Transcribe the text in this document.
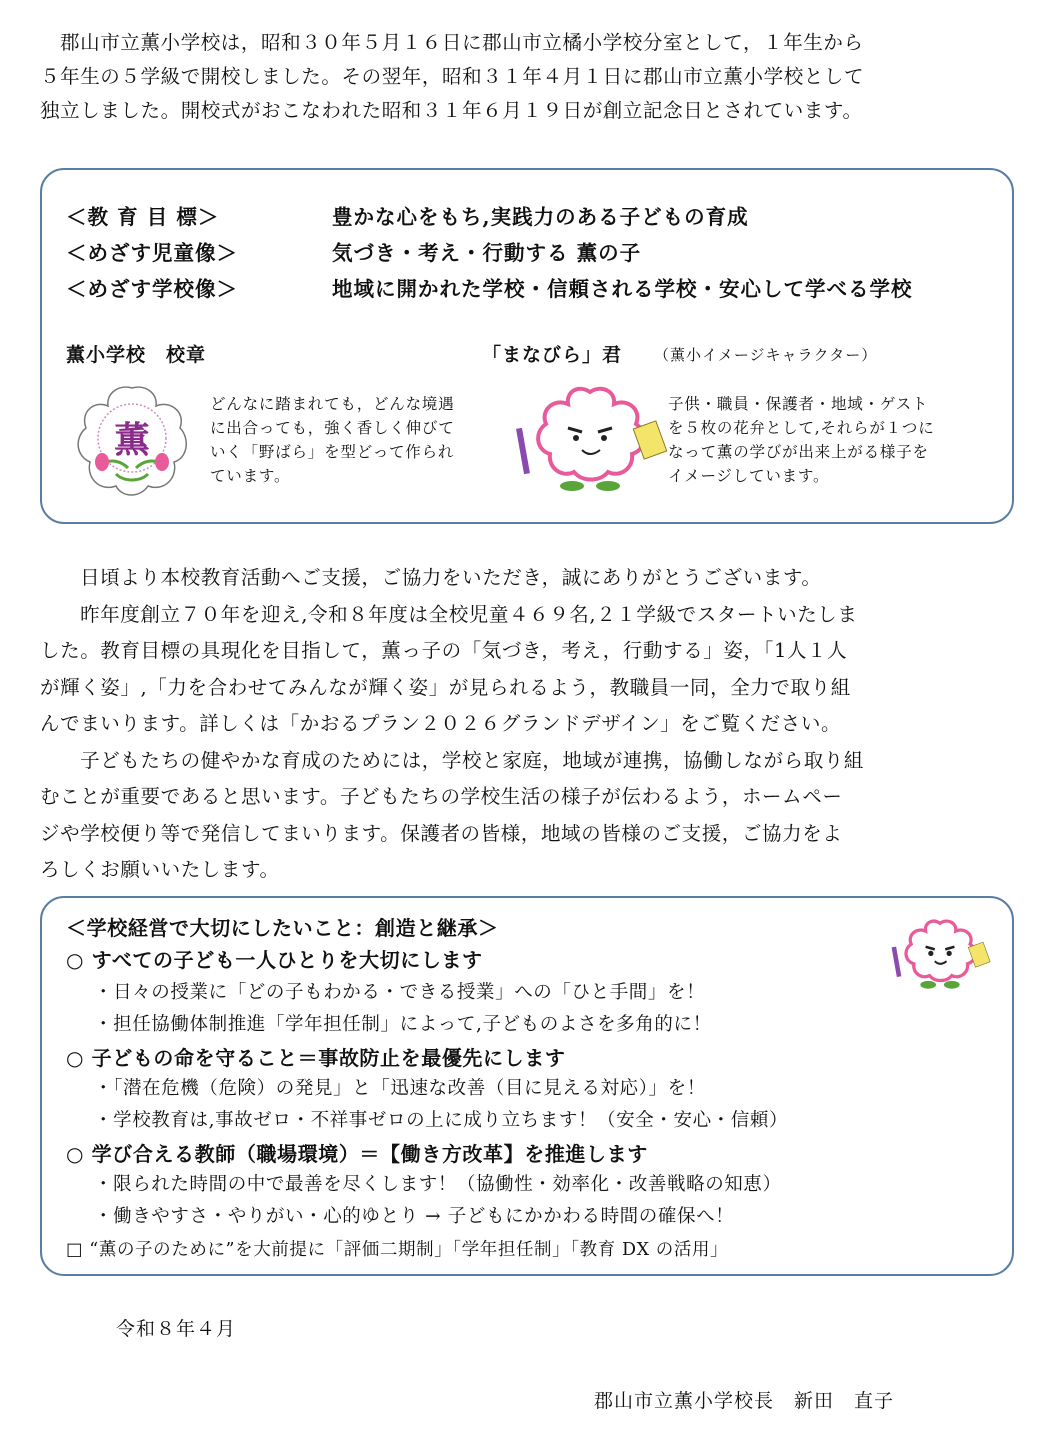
郡山市立薫小学校は，昭和３０年５月１６日に郡山市立橘小学校分室として，１年生から
５年生の５学級で開校しました。その翌年，昭和３１年４月１日に郡山市立薫小学校として
独立しました。開校式がおこなわれた昭和３１年６月１９日が創立記念日とされています。
＜教 育 目 標＞	豊かな心をもち,実践力のある子どもの育成
＜めざす児童像＞	気づき・考え・行動する 薫の子
＜めざす学校像＞	地域に開かれた学校・信頼される学校・安心して学べる学校
薫小学校　校章	「まなびら」君 （薫小イメージキャラクター）
薫
どんなに踏まれても，どんな境遇
に出合っても，強く香しく伸びて
いく「野ばら」を型どって作られ
ています。
子供・職員・保護者・地域・ゲスト
を５枚の花弁として,それらが１つに
なって薫の学びが出来上がる様子を
イメージしています。
　日頃より本校教育活動へご支援，ご協力をいただき，誠にありがとうございます。
　昨年度創立７０年を迎え,令和８年度は全校児童４６９名,２１学級でスタートいたしま
した。教育目標の具現化を目指して，薫っ子の「気づき，考え，行動する」姿，「1人１人
が輝く姿」,「力を合わせてみんなが輝く姿」が見られるよう，教職員一同，全力で取り組
んでまいります。詳しくは「かおるプラン２０２６グランドデザイン」をご覧ください。
　子どもたちの健やかな育成のためには，学校と家庭，地域が連携，協働しながら取り組
むことが重要であると思います。子どもたちの学校生活の様子が伝わるよう，ホームペー
ジや学校便り等で発信してまいります。保護者の皆様，地域の皆様のご支援，ご協力をよ
ろしくお願いいたします。
＜学校経営で大切にしたいこと：創造と継承＞
○ すべての子ども一人ひとりを大切にします
・日々の授業に「どの子もわかる・できる授業」への「ひと手間」を！
・担任協働体制推進「学年担任制」によって,子どものよさを多角的に！
○ 子どもの命を守ること＝事故防止を最優先にします
・「潜在危機（危険）の発見」と「迅速な改善（目に見える対応）」を！
・学校教育は,事故ゼロ・不祥事ゼロの上に成り立ちます！（安全・安心・信頼）
○ 学び合える教師（職場環境）＝【働き方改革】を推進します
・限られた時間の中で最善を尽くします！（協働性・効率化・改善戦略の知恵）
・働きやすさ・やりがい・心的ゆとり → 子どもにかかわる時間の確保へ！
□ “薫の子のために”を大前提に「評価二期制」「学年担任制」「教育 DX の活用」
令和８年４月
郡山市立薫小学校長　新田　直子
